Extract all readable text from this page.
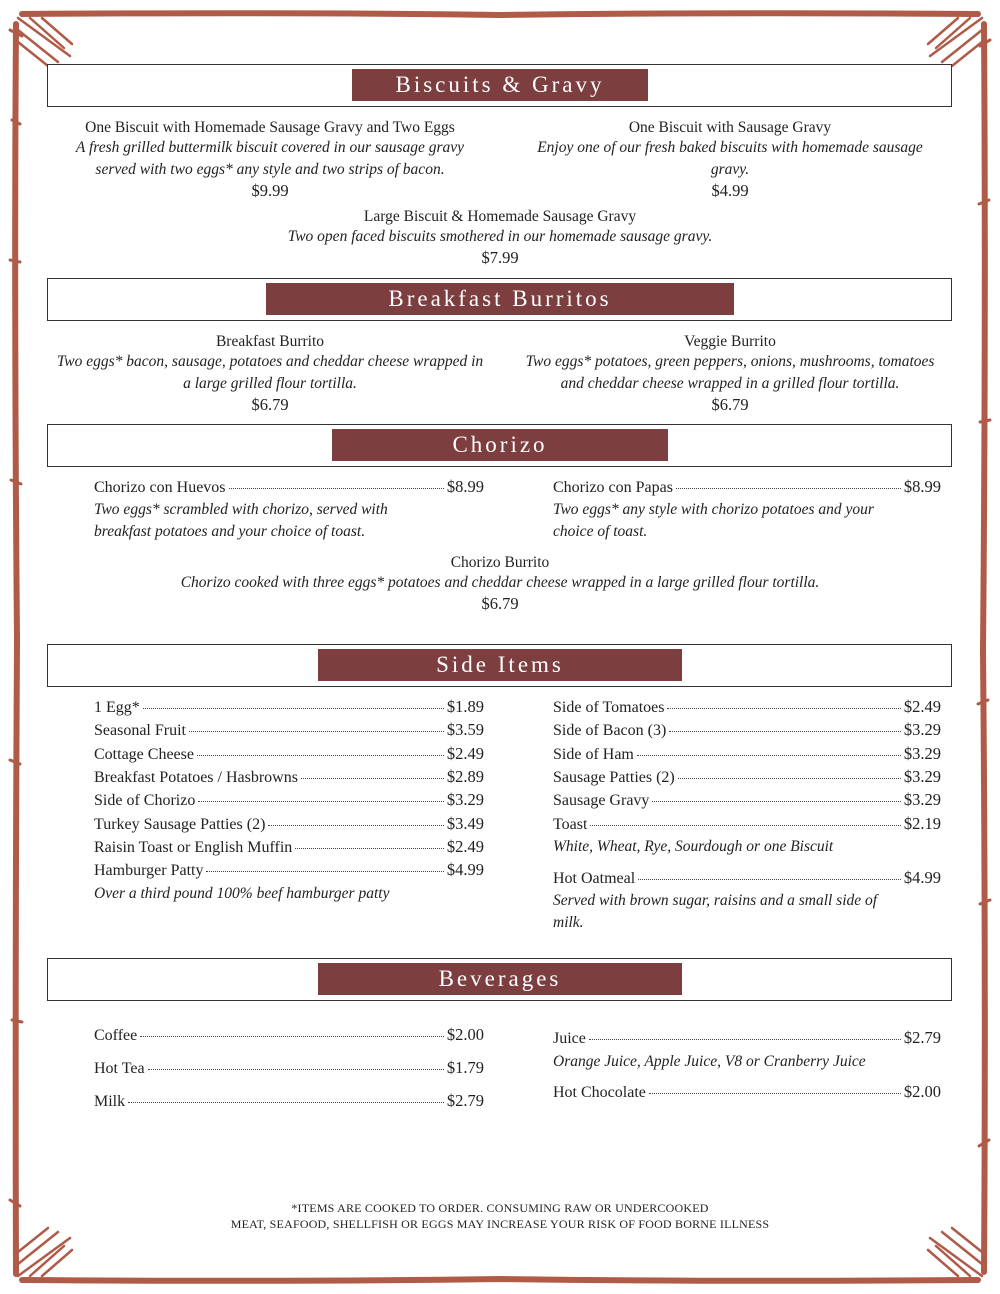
Biscuits & Gravy
One Biscuit with Homemade Sausage Gravy and Two Eggs
A fresh grilled buttermilk biscuit covered in our sausage gravy
served with two eggs* any style and two strips of bacon.
$9.99
One Biscuit with Sausage Gravy
Enjoy one of our fresh baked biscuits with homemade sausage
gravy.
$4.99
Large Biscuit & Homemade Sausage Gravy
Two open faced biscuits smothered in our homemade sausage gravy.
$7.99
Breakfast Burritos
Breakfast Burrito
Two eggs* bacon, sausage, potatoes and cheddar cheese wrapped in
a large grilled flour tortilla.
$6.79
Veggie Burrito
Two eggs* potatoes, green peppers, onions, mushrooms, tomatoes
and cheddar cheese wrapped in a grilled flour tortilla.
$6.79
Chorizo
Chorizo con Huevos	$8.99
Two eggs* scrambled with chorizo, served with
breakfast potatoes and your choice of toast.
Chorizo con Papas	$8.99
Two eggs* any style with chorizo potatoes and your
choice of toast.
Chorizo Burrito
Chorizo cooked with three eggs* potatoes and cheddar cheese wrapped in a large grilled flour tortilla.
$6.79
Side Items
1 Egg*	$1.89
Seasonal Fruit	$3.59
Cottage Cheese	$2.49
Breakfast Potatoes / Hasbrowns	$2.89
Side of Chorizo	$3.29
Turkey Sausage Patties (2)	$3.49
Raisin Toast or English Muffin	$2.49
Hamburger Patty	$4.99
Over a third pound 100% beef hamburger patty
Side of Tomatoes	$2.49
Side of Bacon (3)	$3.29
Side of Ham	$3.29
Sausage Patties (2)	$3.29
Sausage Gravy	$3.29
Toast	$2.19
White, Wheat, Rye, Sourdough or one Biscuit
Hot Oatmeal	$4.99
Served with brown sugar, raisins and a small side of
milk.
Beverages
Coffee	$2.00
Hot Tea	$1.79
Milk	$2.79
Juice	$2.79
Orange Juice, Apple Juice, V8 or Cranberry Juice
Hot Chocolate	$2.00
*ITEMS ARE COOKED TO ORDER. CONSUMING RAW OR UNDERCOOKED
MEAT, SEAFOOD, SHELLFISH OR EGGS MAY INCREASE YOUR RISK OF FOOD BORNE ILLNESS
